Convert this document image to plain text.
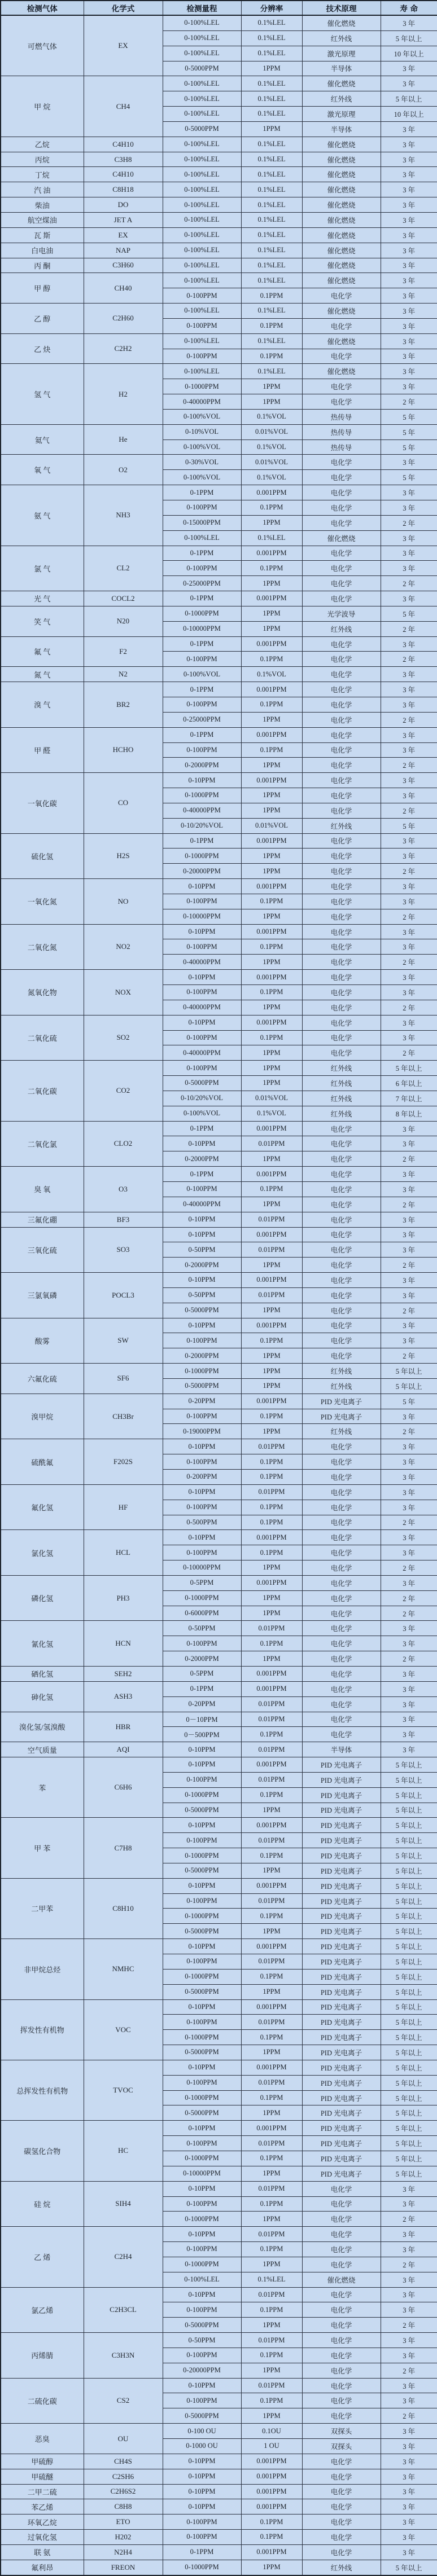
检测气体	化学式	检测量程	分辨率	技术原理	寿 命
可燃气体	EX	0-100%LEL	0.1%LEL	催化燃烧	3 年
		0-100%LEL	0.1%LEL	红外线	5 年以上
		0-100%LEL	0.1%LEL	激光原理	10 年以上
		0-5000PPM	1PPM	半导体	3 年
甲 烷	CH4	0-100%LEL	0.1%LEL	催化燃烧	3 年
		0-100%LEL	0.1%LEL	红外线	5 年以上
		0-100%LEL	0.1%LEL	激光原理	10 年以上
		0-5000PPM	1PPM	半导体	3 年
乙烷	C4H10	0-100%LEL	0.1%LEL	催化燃烧	3 年
丙烷	C3H8	0-100%LEL	0.1%LEL	催化燃烧	3 年
丁烷	C4H10	0-100%LEL	0.1%LEL	催化燃烧	3 年
汽 油	C8H18	0-100%LEL	0.1%LEL	催化燃烧	3 年
柴油	DO	0-100%LEL	0.1%LEL	催化燃烧	3 年
航空煤油	JET A	0-100%LEL	0.1%LEL	催化燃烧	3 年
瓦 斯	EX	0-100%LEL	0.1%LEL	催化燃烧	3 年
白电油	NAP	0-100%LEL	0.1%LEL	催化燃烧	3 年
丙 酮	C3H60	0-100%LEL	0.1%LEL	催化燃烧	3 年
甲 醇	CH40	0-100%LEL	0.1%LEL	催化燃烧	3 年
		0-100PPM	0.1PPM	电化学	3 年
乙 醇	C2H60	0-100%LEL	0.1%LEL	催化燃烧	3 年
		0-100PPM	0.1PPM	电化学	3 年
乙 炔	C2H2	0-100%LEL	0.1%LEL	催化燃烧	3 年
		0-100PPM	0.1PPM	电化学	3 年
氢 气	H2	0-100%LEL	0.1%LEL	催化燃烧	3 年
		0-1000PPM	1PPM	电化学	3 年
		0-40000PPM	1PPM	电化学	2 年
		0-100%VOL	0.1%VOL	热传导	5 年
氦气	He	0-10%VOL	0.01%VOL	热传导	5 年
		0-100%VOL	0.1%VOL	热传导	5 年
氧 气	O2	0-30%VOL	0.01%VOL	电化学	3 年
		0-100%VOL	0.1%VOL	电化学	5 年
氨 气	NH3	0-1PPM	0.001PPM	电化学	3 年
		0-100PPM	0.1PPM	电化学	3 年
		0-15000PPM	1PPM	电化学	2 年
		0-100%LEL	0.1%LEL	催化燃烧	3 年
氯 气	CL2	0-1PPM	0.001PPM	电化学	3 年
		0-100PPM	0.1PPM	电化学	3 年
		0-25000PPM	1PPM	电化学	2 年
光 气	COCL2	0-1PPM	0.001PPM	电化学	3 年
笑 气	N20	0-1000PPM	1PPM	光学波导	5 年
		0-10000PPM	1PPM	红外线	2 年
氟 气	F2	0-1PPM	0.001PPM	电化学	3 年
		0-100PPM	0.1PPM	电化学	2 年
氮 气	N2	0-100%VOL	0.1%VOL	电化学	3 年
溴 气	BR2	0-1PPM	0.001PPM	电化学	3 年
		0-100PPM	0.1PPM	电化学	3 年
		0-25000PPM	1PPM	电化学	2 年
甲 醛	HCHO	0-1PPM	0.001PPM	电化学	3 年
		0-100PPM	0.1PPM	电化学	3 年
		0-2000PPM	1PPM	电化学	2 年
一氧化碳	CO	0-10PPM	0.001PPM	电化学	3 年
		0-1000PPM	1PPM	电化学	3 年
		0-40000PPM	1PPM	电化学	2 年
		0-10/20%VOL	0.01%VOL	红外线	5 年
硫化氢	H2S	0-1PPM	0.001PPM	电化学	3 年
		0-1000PPM	1PPM	电化学	3 年
		0-20000PPM	1PPM	电化学	2 年
一氧化氮	NO	0-10PPM	0.001PPM	电化学	3 年
		0-100PPM	0.1PPM	电化学	3 年
		0-10000PPM	1PPM	电化学	2 年
二氧化氮	NO2	0-10PPM	0.001PPM	电化学	3 年
		0-100PPM	0.1PPM	电化学	3 年
		0-40000PPM	1PPM	电化学	2 年
氮氧化物	NOX	0-10PPM	0.001PPM	电化学	3 年
		0-100PPM	0.1PPM	电化学	3 年
		0-40000PPM	1PPM	电化学	2 年
二氧化硫	SO2	0-10PPM	0.001PPM	电化学	3 年
		0-100PPM	0.1PPM	电化学	3 年
		0-40000PPM	1PPM	电化学	2 年
二氧化碳	CO2	0-100PPM	1PPM	红外线	5 年以上
		0-5000PPM	1PPM	红外线	6 年以上
		0-10/20%VOL	0.01%VOL	红外线	7 年以上
		0-100%VOL	0.1%VOL	红外线	8 年以上
二氧化氯	CLO2	0-1PPM	0.001PPM	电化学	3 年
		0-10PPM	0.01PPM	电化学	3 年
		0-2000PPM	1PPM	电化学	2 年
臭 氧	O3	0-1PPM	0.001PPM	电化学	3 年
		0-100PPM	0.1PPM	电化学	3 年
		0-40000PPM	1PPM	电化学	2 年
三氟化硼	BF3	0-10PPM	0.01PPM	电化学	3 年
三氧化硫	SO3	0-10PPM	0.001PPM	电化学	3 年
		0-50PPM	0.01PPM	电化学	3 年
		0-2000PPM	1PPM	电化学	2 年
三氯氧磷	POCL3	0-10PPM	0.001PPM	电化学	3 年
		0-50PPM	0.01PPM	电化学	3 年
		0-5000PPM	1PPM	电化学	2 年
酸雾	SW	0-10PPM	0.001PPM	电化学	3 年
		0-100PPM	0.1PPM	电化学	3 年
		0-2000PPM	1PPM	电化学	2 年
六氟化硫	SF6	0-1000PPM	1PPM	红外线	5 年以上
		0-5000PPM	1PPM	红外线	5 年以上
溴甲烷	CH3Br	0-20PPM	0.001PPM	PID 光电离子	5 年
		0-100PPM	0.1PPM	PID 光电离子	3 年
		0-19000PPM	1PPM	红外线	2 年
硫酰氟	F202S	0-10PPM	0.01PPM	电化学	3 年
		0-100PPM	0.1PPM	电化学	3 年
		0-200PPM	0.1PPM	电化学	3 年
氟化氢	HF	0-10PPM	0.01PPM	电化学	3 年
		0-100PPM	0.1PPM	电化学	3 年
		0-500PPM	0.1PPM	电化学	2 年
氯化氢	HCL	0-10PPM	0.001PPM	电化学	3 年
		0-100PPM	0.1PPM	电化学	3 年
		0-10000PPM	1PPM	电化学	2 年
磷化氢	PH3	0-5PPM	0.001PPM	电化学	3 年
		0-1000PPM	1PPM	电化学	2 年
		0-6000PPM	1PPM	电化学	2 年
氰化氢	HCN	0-50PPM	0.01PPM	电化学	3 年
		0-100PPM	0.1PPM	电化学	3 年
		0-2000PPM	1PPM	电化学	2 年
硒化氢	SEH2	0-5PPM	0.001PPM	电化学	3 年
砷化氢	ASH3	0-1PPM	0.001PPM	电化学	3 年
		0-20PPM	0.01PPM	电化学	3 年
溴化氢/氢溴酸	HBR	0－10PPM	0.01PPM	电化学	3 年
		0－500PPM	0.1PPM	电化学	3 年
空气质量	AQI	0-10PPM	0.01PPM	半导体	3 年
苯	C6H6	0-10PPM	0.001PPM	PID 光电离子	5 年以上
		0-100PPM	0.01PPM	PID 光电离子	5 年以上
		0-1000PPM	0.1PPM	PID 光电离子	5 年以上
		0-5000PPM	1PPM	PID 光电离子	5 年以上
甲 苯	C7H8	0-10PPM	0.001PPM	PID 光电离子	5 年以上
		0-100PPM	0.01PPM	PID 光电离子	5 年以上
		0-1000PPM	0.1PPM	PID 光电离子	5 年以上
		0-5000PPM	1PPM	PID 光电离子	5 年以上
二甲苯	C8H10	0-10PPM	0.001PPM	PID 光电离子	5 年以上
		0-100PPM	0.01PPM	PID 光电离子	5 年以上
		0-1000PPM	0.1PPM	PID 光电离子	5 年以上
		0-5000PPM	1PPM	PID 光电离子	5 年以上
非甲烷总烃	NMHC	0-10PPM	0.001PPM	PID 光电离子	5 年以上
		0-100PPM	0.01PPM	PID 光电离子	5 年以上
		0-1000PPM	0.1PPM	PID 光电离子	5 年以上
		0-5000PPM	1PPM	PID 光电离子	5 年以上
挥发性有机物	VOC	0-10PPM	0.001PPM	PID 光电离子	5 年以上
		0-100PPM	0.01PPM	PID 光电离子	5 年以上
		0-1000PPM	0.1PPM	PID 光电离子	5 年以上
		0-5000PPM	1PPM	PID 光电离子	5 年以上
总挥发性有机物	TVOC	0-10PPM	0.001PPM	PID 光电离子	5 年以上
		0-100PPM	0.01PPM	PID 光电离子	5 年以上
		0-1000PPM	0.1PPM	PID 光电离子	5 年以上
		0-5000PPM	1PPM	PID 光电离子	5 年以上
碳氢化合物	HC	0-10PPM	0.001PPM	PID 光电离子	5 年以上
		0-100PPM	0.01PPM	PID 光电离子	5 年以上
		0-1000PPM	0.1PPM	PID 光电离子	5 年以上
		0-10000PPM	1PPM	PID 光电离子	5 年以上
硅 烷	SIH4	0-10PPM	0.01PPM	电化学	3 年
		0-100PPM	0.1PPM	电化学	3 年
		0-1000PPM	1PPM	电化学	2 年
乙 烯	C2H4	0-10PPM	0.01PPM	电化学	3 年
		0-100PPM	0.1PPM	电化学	3 年
		0-1000PPM	1PPM	电化学	2 年
		0-100%LEL	0.1%LEL	催化燃烧	3 年
氯乙烯	C2H3CL	0-10PPM	0.01PPM	电化学	3 年
		0-100PPM	0.1PPM	电化学	3 年
		0-5000PPM	1PPM	电化学	2 年
丙烯腈	C3H3N	0-50PPM	0.01PPM	电化学	3 年
		0-100PPM	0.1PPM	电化学	3 年
		0-20000PPM	1PPM	电化学	2 年
二硫化碳	CS2	0-10PPM	0.01PPM	电化学	3 年
		0-100PPM	0.1PPM	电化学	3 年
		0-5000PPM	1PPM	电化学	2 年
恶臭	OU	0-100 OU	0.1OU	双探头	3 年
		0-1000 OU	1 OU	双探头	3 年
甲硫醇	CH4S	0-10PPM	0.001PPM	电化学	3 年
甲硫醚	C2SH6	0-10PPM	0.001PPM	电化学	3 年
二甲二硫	C2H6S2	0-10PPM	0.001PPM	电化学	3 年
苯乙烯	C8H8	0-10PPM	0.001PPM	电化学	3 年
环氧乙烷	ETO	0-100PPM	0.1PPM	电化学	3 年
过氧化氢	H202	0-100PPM	0.1PPM	电化学	3 年
联 氨	N2H4	0-1PPM	0.001PPM	电化学	3 年
氟利昂	FREON	0-1000PPM	1PPM	红外线	5 年以上
